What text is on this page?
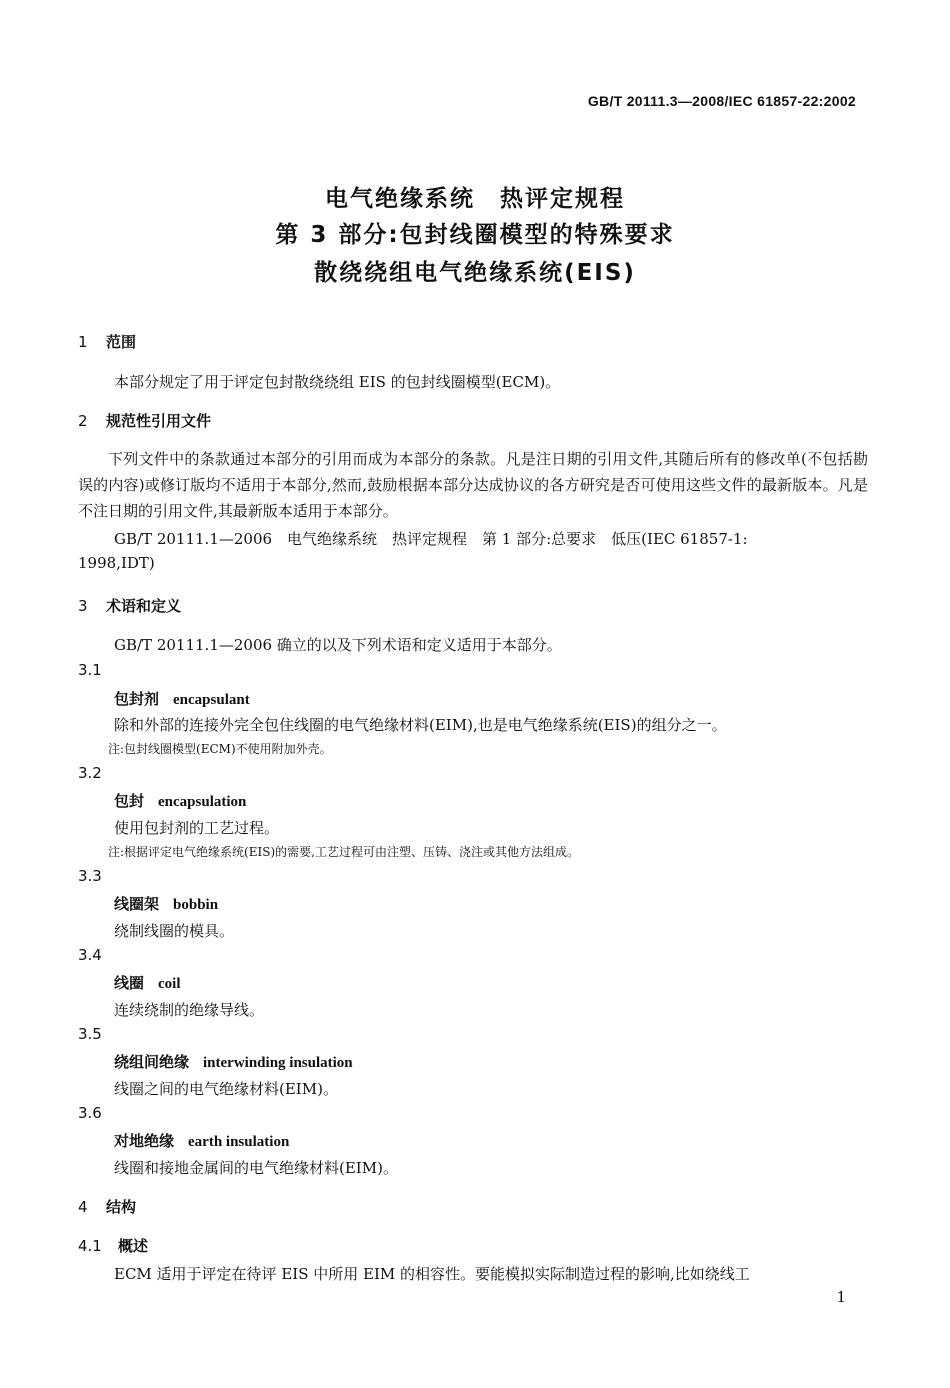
GB/T 20111.3—2008/IEC 61857-22:2002
电气绝缘系统　热评定规程
第 3 部分:包封线圈模型的特殊要求
散绕绕组电气绝缘系统(EIS)
1 范围
本部分规定了用于评定包封散绕绕组 EIS 的包封线圈模型(ECM)。
2 规范性引用文件
下列文件中的条款通过本部分的引用而成为本部分的条款。凡是注日期的引用文件,其随后所有的修改单(不包括勘误的内容)或修订版均不适用于本部分,然而,鼓励根据本部分达成协议的各方研究是否可使用这些文件的最新版本。凡是不注日期的引用文件,其最新版本适用于本部分。
GB/T 20111.1—2006　电气绝缘系统　热评定规程　第 1 部分:总要求　低压(IEC 61857-1:
1998,IDT)
3 术语和定义
GB/T 20111.1—2006 确立的以及下列术语和定义适用于本部分。
3.1
包封剂 encapsulant
除和外部的连接外完全包住线圈的电气绝缘材料(EIM),也是电气绝缘系统(EIS)的组分之一。
注:包封线圈模型(ECM)不使用附加外壳。
3.2
包封 encapsulation
使用包封剂的工艺过程。
注:根据评定电气绝缘系统(EIS)的需要,工艺过程可由注塑、压铸、浇注或其他方法组成。
3.3
线圈架 bobbin
绕制线圈的模具。
3.4
线圈 coil
连续绕制的绝缘导线。
3.5
绕组间绝缘 interwinding insulation
线圈之间的电气绝缘材料(EIM)。
3.6
对地绝缘 earth insulation
线圈和接地金属间的电气绝缘材料(EIM)。
4 结构
4.1 概述
ECM 适用于评定在待评 EIS 中所用 EIM 的相容性。要能模拟实际制造过程的影响,比如绕线工
1
